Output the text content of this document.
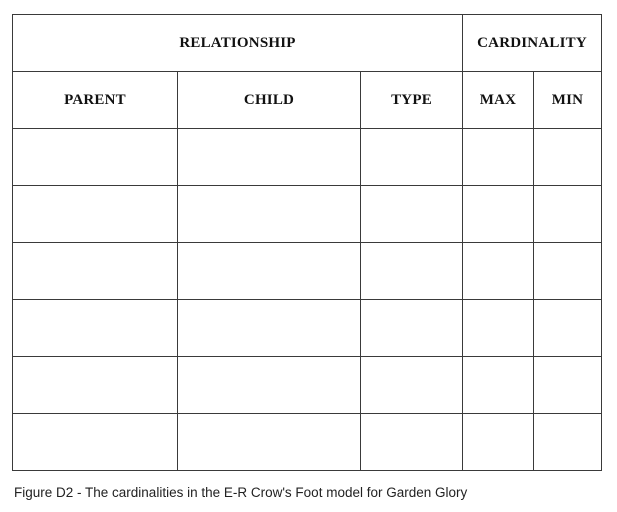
RELATIONSHIP			CARDINALITY	
PARENT	CHILD	TYPE	MAX	MIN

Figure D2 - The cardinalities in the E-R Crow's Foot model for Garden Glory
